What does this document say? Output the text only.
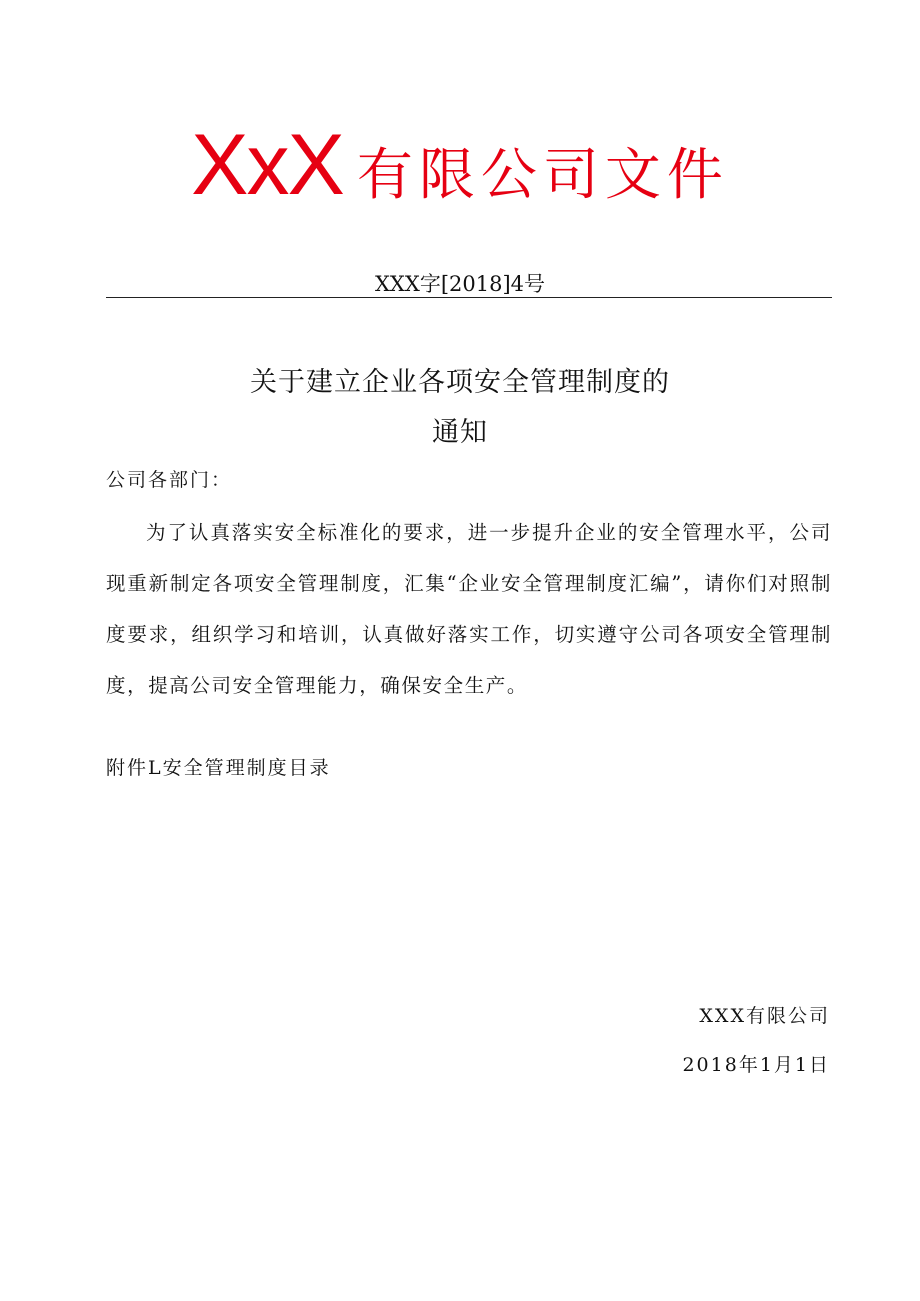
XxX 有限公司文件
XXX字[2018]4号
关于建立企业各项安全管理制度的
通知
公司各部门：

为了认真落实安全标准化的要求，进一步提升企业的安全管理水平，公司现重新制定各项安全管理制度，汇集“企业安全管理制度汇编”，请你们对照制度要求，组织学习和培训，认真做好落实工作，切实遵守公司各项安全管理制度，提高公司安全管理能力，确保安全生产。

附件L安全管理制度目录
XXX有限公司
2018年1月1日
